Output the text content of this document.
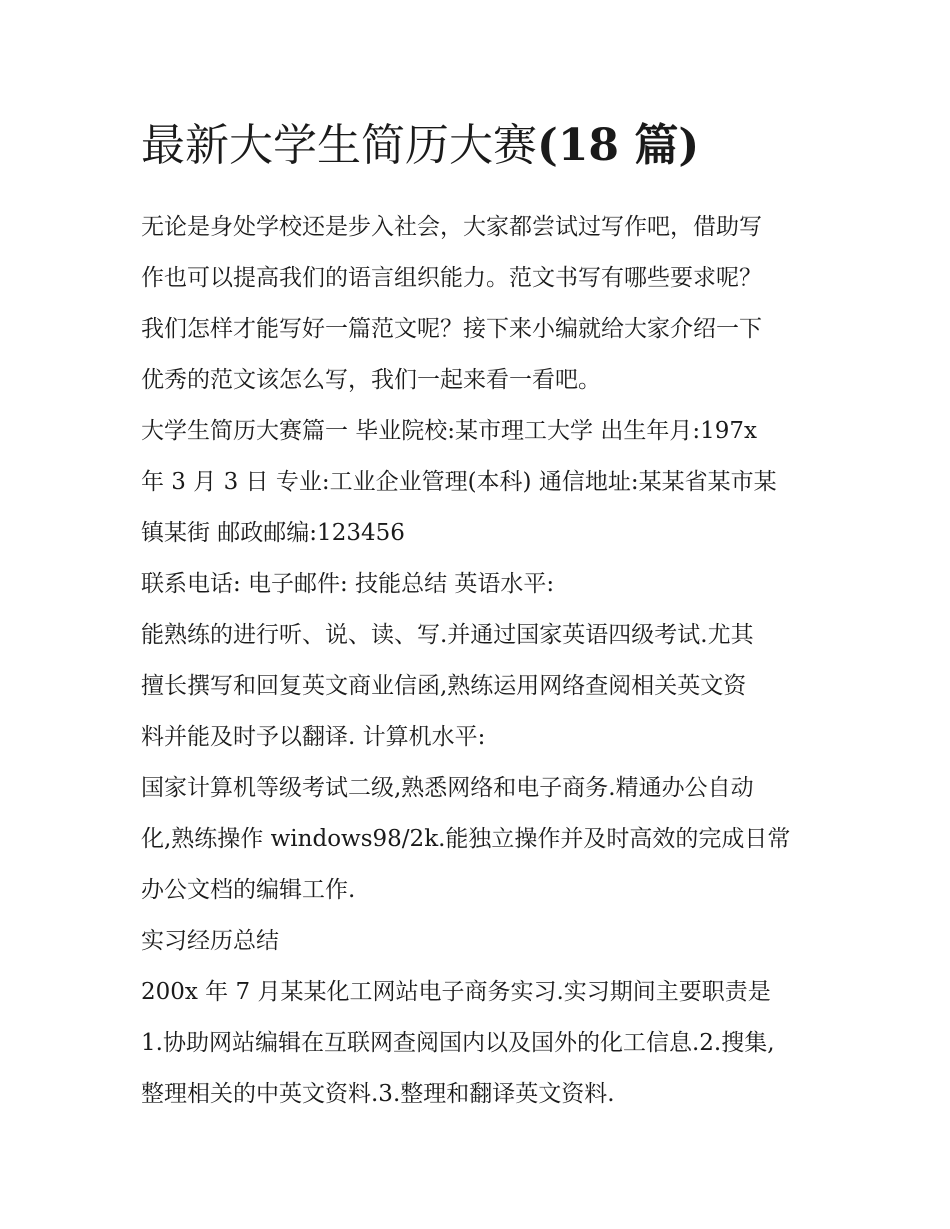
最新大学生简历大赛(18 篇)

无论是身处学校还是步入社会，大家都尝试过写作吧，借助写

作也可以提高我们的语言组织能力。范文书写有哪些要求呢？

我们怎样才能写好一篇范文呢？接下来小编就给大家介绍一下

优秀的范文该怎么写，我们一起来看一看吧。

大学生简历大赛篇一 毕业院校:某市理工大学 出生年月:197x

年 3 月 3 日 专业:工业企业管理(本科) 通信地址:某某省某市某

镇某街 邮政邮编:123456

联系电话: 电子邮件: 技能总结 英语水平:

能熟练的进行听、说、读、写.并通过国家英语四级考试.尤其

擅长撰写和回复英文商业信函,熟练运用网络查阅相关英文资

料并能及时予以翻译. 计算机水平:

国家计算机等级考试二级,熟悉网络和电子商务.精通办公自动

化,熟练操作 windows98/2k.能独立操作并及时高效的完成日常

办公文档的编辑工作.

实习经历总结

200x 年 7 月某某化工网站电子商务实习.实习期间主要职责是

1.协助网站编辑在互联网查阅国内以及国外的化工信息.2.搜集,

整理相关的中英文资料.3.整理和翻译英文资料.
